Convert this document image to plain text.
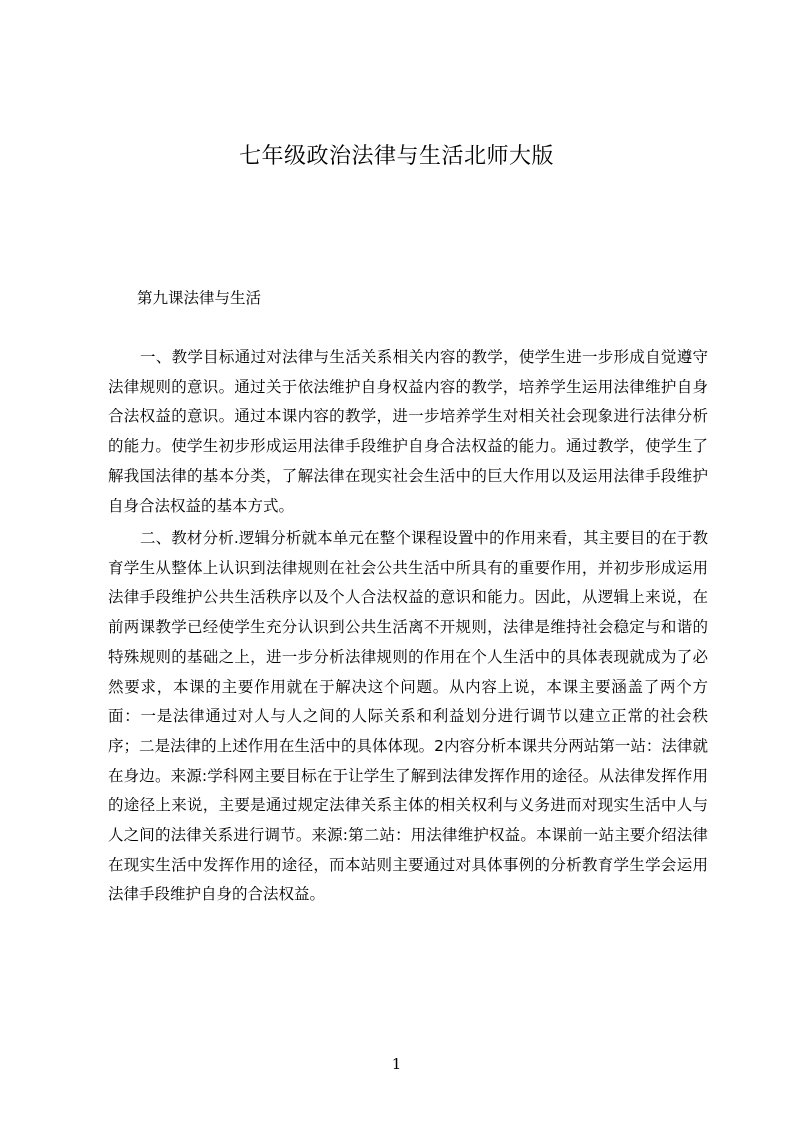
七年级政治法律与生活北师大版
第九课法律与生活

一、教学目标通过对法律与生活关系相关内容的教学，使学生进一步形成自觉遵守法律规则的意识。通过关于依法维护自身权益内容的教学，培养学生运用法律维护自身合法权益的意识。通过本课内容的教学，进一步培养学生对相关社会现象进行法律分析的能力。使学生初步形成运用法律手段维护自身合法权益的能力。通过教学，使学生了解我国法律的基本分类，了解法律在现实社会生活中的巨大作用以及运用法律手段维护自身合法权益的基本方式。

二、教材分析.逻辑分析就本单元在整个课程设置中的作用来看，其主要目的在于教育学生从整体上认识到法律规则在社会公共生活中所具有的重要作用，并初步形成运用法律手段维护公共生活秩序以及个人合法权益的意识和能力。因此，从逻辑上来说，在前两课教学已经使学生充分认识到公共生活离不开规则，法律是维持社会稳定与和谐的特殊规则的基础之上，进一步分析法律规则的作用在个人生活中的具体表现就成为了必然要求，本课的主要作用就在于解决这个问题。从内容上说，本课主要涵盖了两个方面：一是法律通过对人与人之间的人际关系和利益划分进行调节以建立正常的社会秩序；二是法律的上述作用在生活中的具体体现。2内容分析本课共分两站第一站：法律就在身边。来源:学科网主要目标在于让学生了解到法律发挥作用的途径。从法律发挥作用的途径上来说，主要是通过规定法律关系主体的相关权利与义务进而对现实生活中人与人之间的法律关系进行调节。来源:第二站：用法律维护权益。本课前一站主要介绍法律在现实生活中发挥作用的途径，而本站则主要通过对具体事例的分析教育学生学会运用法律手段维护自身的合法权益。

1
